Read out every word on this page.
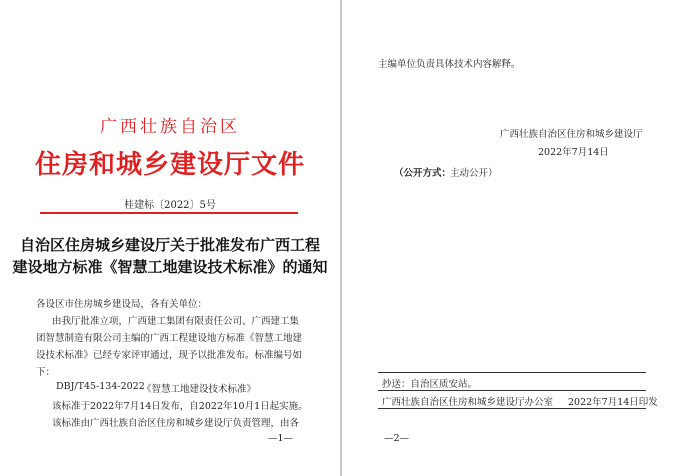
广西壮族自治区
住房和城乡建设厅文件
桂建标〔2022〕5号
自治区住房城乡建设厅关于批准发布广西工程
建设地方标准《智慧工地建设技术标准》的通知
各设区市住房城乡建设局，各有关单位：
由我厅批准立项，广西建工集团有限责任公司、广西建工集
团智慧制造有限公司主编的广西工程建设地方标准《智慧工地建
设技术标准》已经专家评审通过，现予以批准发布。标准编号如
下：
DBJ/T45-134-2022
《智慧工地建设技术标准》
该标准于2022年7月14日发布，自2022年10月1日起实施。
该标准由广西壮族自治区住房和城乡建设厅负责管理，由各
—1—
主编单位负责具体技术内容解释。
广西壮族自治区住房和城乡建设厅
2022年7月14日
（公开方式：
主动公开）
抄送：自治区质安站。
广西壮族自治区住房和城乡建设厅办公室 2022年7月14日印发
—2—
